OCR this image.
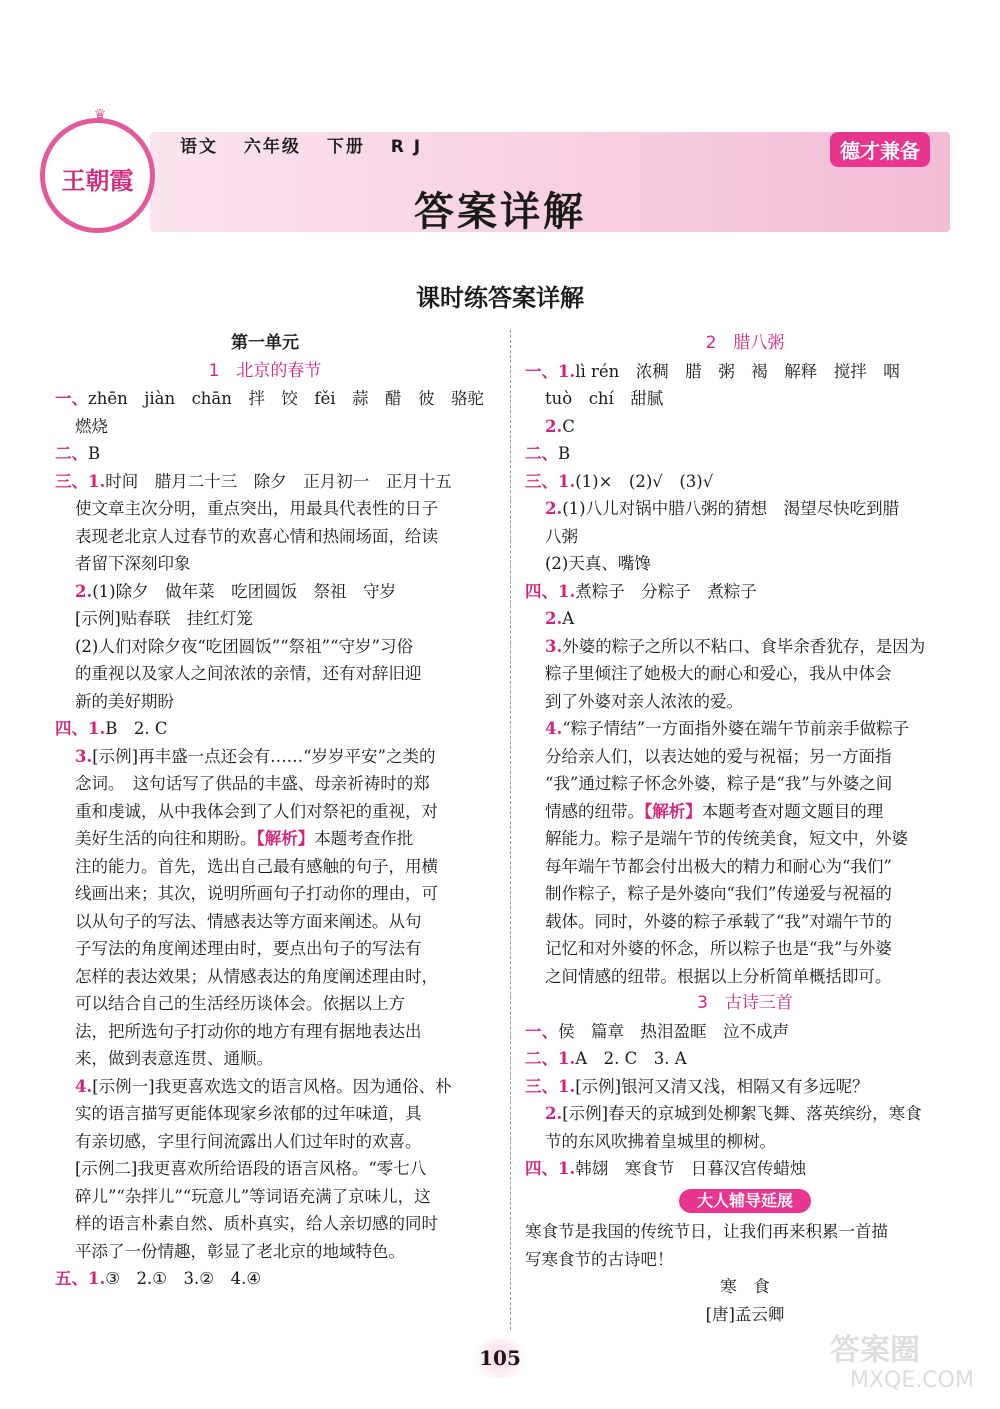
♛
王朝霞
语文 六年级 下册 R J	德才兼备
答案详解
课时练答案详解
第一单元
1　北京的春节
一、zhēn　jiàn　chān　拌　饺　fěi　蒜　醋　彼　骆驼
燃烧
二、B
三、1.时间　腊月二十三　除夕　正月初一　正月十五
使文章主次分明，重点突出，用最具代表性的日子
表现老北京人过春节的欢喜心情和热闹场面，给读
者留下深刻印象
2.(1)除夕　做年菜　吃团圆饭　祭祖　守岁
[示例]贴春联　挂红灯笼
(2)人们对除夕夜“吃团圆饭”“祭祖”“守岁”习俗
的重视以及家人之间浓浓的亲情，还有对辞旧迎
新的美好期盼
四、1.B　2. C
3.[示例]再丰盛一点还会有……“岁岁平安”之类的
念词。　这句话写了供品的丰盛、母亲祈祷时的郑
重和虔诚，从中我体会到了人们对祭祀的重视，对
美好生活的向往和期盼。【解析】本题考查作批
注的能力。首先，选出自己最有感触的句子，用横
线画出来；其次，说明所画句子打动你的理由，可
以从句子的写法、情感表达等方面来阐述。从句
子写法的角度阐述理由时，要点出句子的写法有
怎样的表达效果；从情感表达的角度阐述理由时，
可以结合自己的生活经历谈体会。依据以上方
法，把所选句子打动你的地方有理有据地表达出
来，做到表意连贯、通顺。
4.[示例一]我更喜欢选文的语言风格。因为通俗、朴
实的语言描写更能体现家乡浓郁的过年味道，具
有亲切感，字里行间流露出人们过年时的欢喜。
[示例二]我更喜欢所给语段的语言风格。“零七八
碎儿”“杂拌儿”“玩意儿”等词语充满了京味儿，这
样的语言朴素自然、质朴真实，给人亲切感的同时
平添了一份情趣，彰显了老北京的地域特色。
五、1.③　2.①　3.②　4.④
2　腊八粥
一、1.lì rén　浓稠　腊　粥　褐　解释　搅拌　咽
tuò　chí　甜腻
2.C
二、B
三、1.(1)×　(2)√　(3)√
2.(1)八儿对锅中腊八粥的猜想　渴望尽快吃到腊
八粥
(2)天真、嘴馋
四、1.煮粽子　分粽子　煮粽子
2.A
3.外婆的粽子之所以不粘口、食毕余香犹存，是因为
粽子里倾注了她极大的耐心和爱心，我从中体会
到了外婆对亲人浓浓的爱。
4.“粽子情结”一方面指外婆在端午节前亲手做粽子
分给亲人们，以表达她的爱与祝福；另一方面指
“我”通过粽子怀念外婆，粽子是“我”与外婆之间
情感的纽带。【解析】本题考查对题文题目的理
解能力。粽子是端午节的传统美食，短文中，外婆
每年端午节都会付出极大的精力和耐心为“我们”
制作粽子，粽子是外婆向“我们”传递爱与祝福的
载体。同时，外婆的粽子承载了“我”对端午节的
记忆和对外婆的怀念，所以粽子也是“我”与外婆
之间情感的纽带。根据以上分析简单概括即可。
3　古诗三首
一、侯　篇章　热泪盈眶　泣不成声
二、1.A　2. C　3. A
三、1.[示例]银河又清又浅，相隔又有多远呢？
2.[示例]春天的京城到处柳絮飞舞、落英缤纷，寒食
节的东风吹拂着皇城里的柳树。
四、1.韩翃　寒食节　日暮汉宫传蜡烛
大人辅导延展
寒食节是我国的传统节日，让我们再来积累一首描
写寒食节的古诗吧！
寒　食
[唐]孟云卿
105	答案圈
MXQE.COM
